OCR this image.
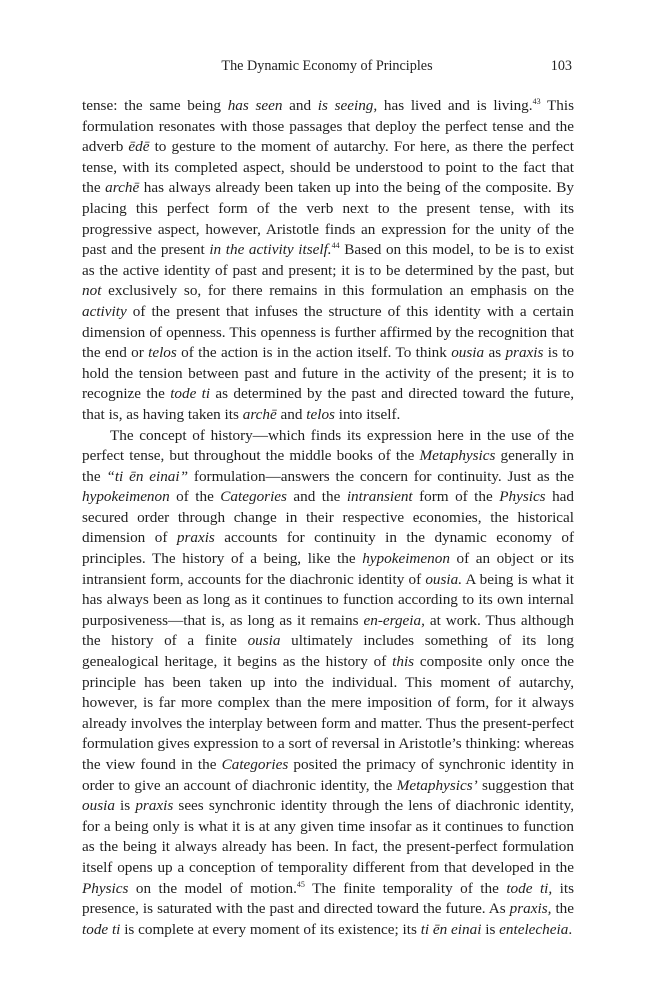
The Dynamic Economy of Principles	103

tense: the same being has seen and is seeing, has lived and is living.$^{43}$ This formulation resonates with those passages that deploy the perfect tense and the adverb ēdē to gesture to the moment of autarchy. For here, as there the perfect tense, with its completed aspect, should be understood to point to the fact that the archē has always already been taken up into the being of the composite. By placing this perfect form of the verb next to the present tense, with its progressive aspect, however, Aristotle finds an expression for the unity of the past and the present in the activity itself.$^{44}$ Based on this model, to be is to exist as the active identity of past and present; it is to be determined by the past, but not exclusively so, for there remains in this formulation an emphasis on the activity of the present that infuses the structure of this identity with a certain dimension of openness. This openness is further affirmed by the recognition that the end or telos of the action is in the action itself. To think ousia as praxis is to hold the tension between past and future in the activity of the present; it is to recognize the tode ti as determined by the past and directed toward the future, that is, as having taken its archē and telos into itself.

The concept of history—which finds its expression here in the use of the perfect tense, but throughout the middle books of the Metaphysics generally in the “ti ēn einai” formulation—answers the concern for continuity. Just as the hypokeimenon of the Categories and the intransient form of the Physics had secured order through change in their respective economies, the historical dimension of praxis accounts for continuity in the dynamic economy of principles. The history of a being, like the hypokeimenon of an object or its intransient form, accounts for the diachronic identity of ousia. A being is what it has always been as long as it continues to function according to its own internal purposiveness—that is, as long as it remains en-ergeia, at work. Thus although the history of a finite ousia ultimately includes something of its long genealogical heritage, it begins as the history of this composite only once the principle has been taken up into the individual. This moment of autarchy, however, is far more complex than the mere imposition of form, for it always already involves the interplay between form and matter. Thus the present-perfect formulation gives expression to a sort of reversal in Aristotle’s thinking: whereas the view found in the Categories posited the primacy of synchronic identity in order to give an account of diachronic identity, the Metaphysics’ suggestion that ousia is praxis sees synchronic identity through the lens of diachronic identity, for a being only is what it is at any given time insofar as it continues to function as the being it always already has been. In fact, the present-perfect formulation itself opens up a conception of temporality different from that developed in the Physics on the model of motion.$^{45}$ The finite temporality of the tode ti, its presence, is saturated with the past and directed toward the future. As praxis, the tode ti is complete at every moment of its existence; its ti ēn einai is entelecheia.
